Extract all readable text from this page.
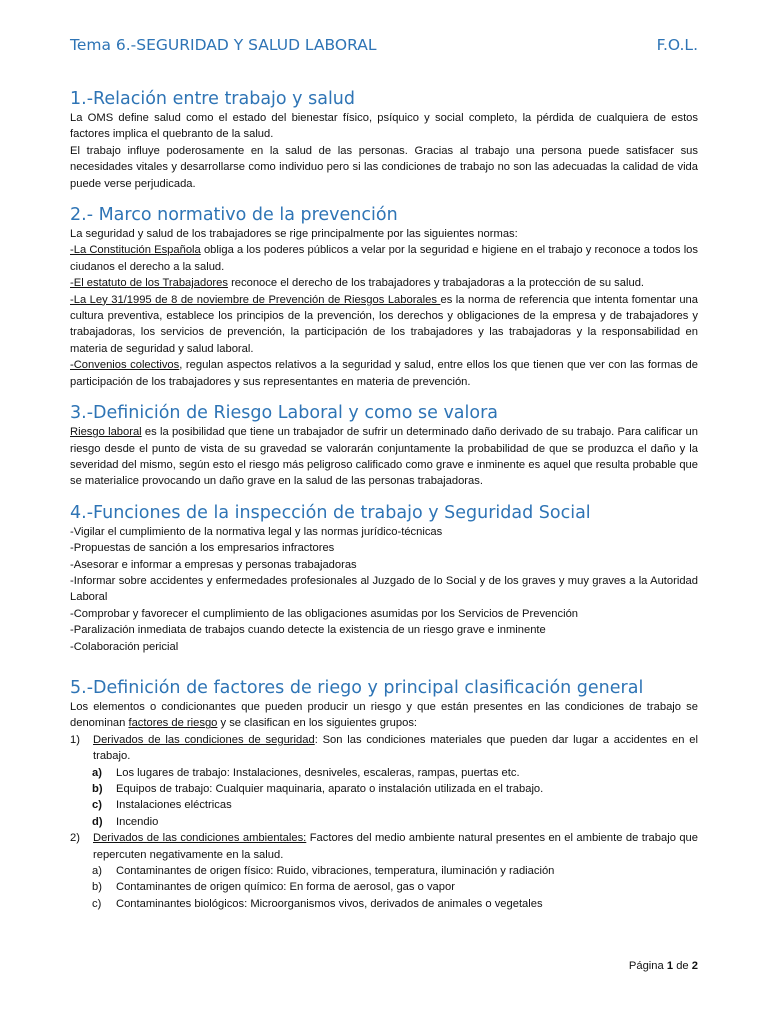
Tema 6.-SEGURIDAD Y SALUD LABORAL	F.O.L.
1.-Relación entre trabajo y salud

La OMS define salud como el estado del bienestar físico, psíquico y social completo, la pérdida de cualquiera de estos factores implica el quebranto de la salud.

El trabajo influye poderosamente en la salud de las personas. Gracias al trabajo una persona puede satisfacer sus necesidades vitales y desarrollarse como individuo pero si las condiciones de trabajo no son las adecuadas la calidad de vida puede verse perjudicada.

2.- Marco normativo de la prevención

La seguridad y salud de los trabajadores se rige principalmente por las siguientes normas:

-La Constitución Española obliga a los poderes públicos a velar por la seguridad e higiene en el trabajo y reconoce a todos los ciudanos el derecho a la salud.

-El estatuto de los Trabajadores reconoce el derecho de los trabajadores y trabajadoras a la protección de su salud.

-La Ley 31/1995 de 8 de noviembre de Prevención de Riesgos Laborales es la norma de referencia que intenta fomentar una cultura preventiva, establece los principios de la prevención, los derechos y obligaciones de la empresa y de trabajadores y trabajadoras, los servicios de prevención, la participación de los trabajadores y las trabajadoras y la responsabilidad en materia de seguridad y salud laboral.

-Convenios colectivos, regulan aspectos relativos a la seguridad y salud, entre ellos los que tienen que ver con las formas de participación de los trabajadores y sus representantes en materia de prevención.

3.-Definición de Riesgo Laboral y como se valora

Riesgo laboral es la posibilidad que tiene un trabajador de sufrir un determinado daño derivado de su trabajo. Para calificar un riesgo desde el punto de vista de su gravedad se valorarán conjuntamente la probabilidad de que se produzca el daño y la severidad del mismo, según esto el riesgo más peligroso calificado como grave e inminente es aquel que resulta probable que se materialice provocando un daño grave en la salud de las personas trabajadoras.

4.-Funciones de la inspección de trabajo y Seguridad Social

-Vigilar el cumplimiento de la normativa legal y las normas jurídico-técnicas

-Propuestas de sanción a los empresarios infractores

-Asesorar e informar a empresas y personas trabajadoras

-Informar sobre accidentes y enfermedades profesionales al Juzgado de lo Social y de los graves y muy graves a la Autoridad Laboral

-Comprobar y favorecer el cumplimiento de las obligaciones asumidas por los Servicios de Prevención

-Paralización inmediata de trabajos cuando detecte la existencia de un riesgo grave e inminente

-Colaboración pericial

5.-Definición de factores de riego y principal clasificación general

Los elementos o condicionantes que pueden producir un riesgo y que están presentes en las condiciones de trabajo se denominan factores de riesgo y se clasifican en los siguientes grupos:

1) Derivados de las condiciones de seguridad: Son las condiciones materiales que pueden dar lugar a accidentes en el trabajo.
a) Los lugares de trabajo: Instalaciones, desniveles, escaleras, rampas, puertas etc.
b) Equipos de trabajo: Cualquier maquinaria, aparato o instalación utilizada en el trabajo.
c) Instalaciones eléctricas
d) Incendio
2) Derivados de las condiciones ambientales: Factores del medio ambiente natural presentes en el ambiente de trabajo que repercuten negativamente en la salud.
a) Contaminantes de origen físico: Ruido, vibraciones, temperatura, iluminación y radiación
b) Contaminantes de origen químico: En forma de aerosol, gas o vapor
c) Contaminantes biológicos: Microorganismos vivos, derivados de animales o vegetales
Página 1 de 2
